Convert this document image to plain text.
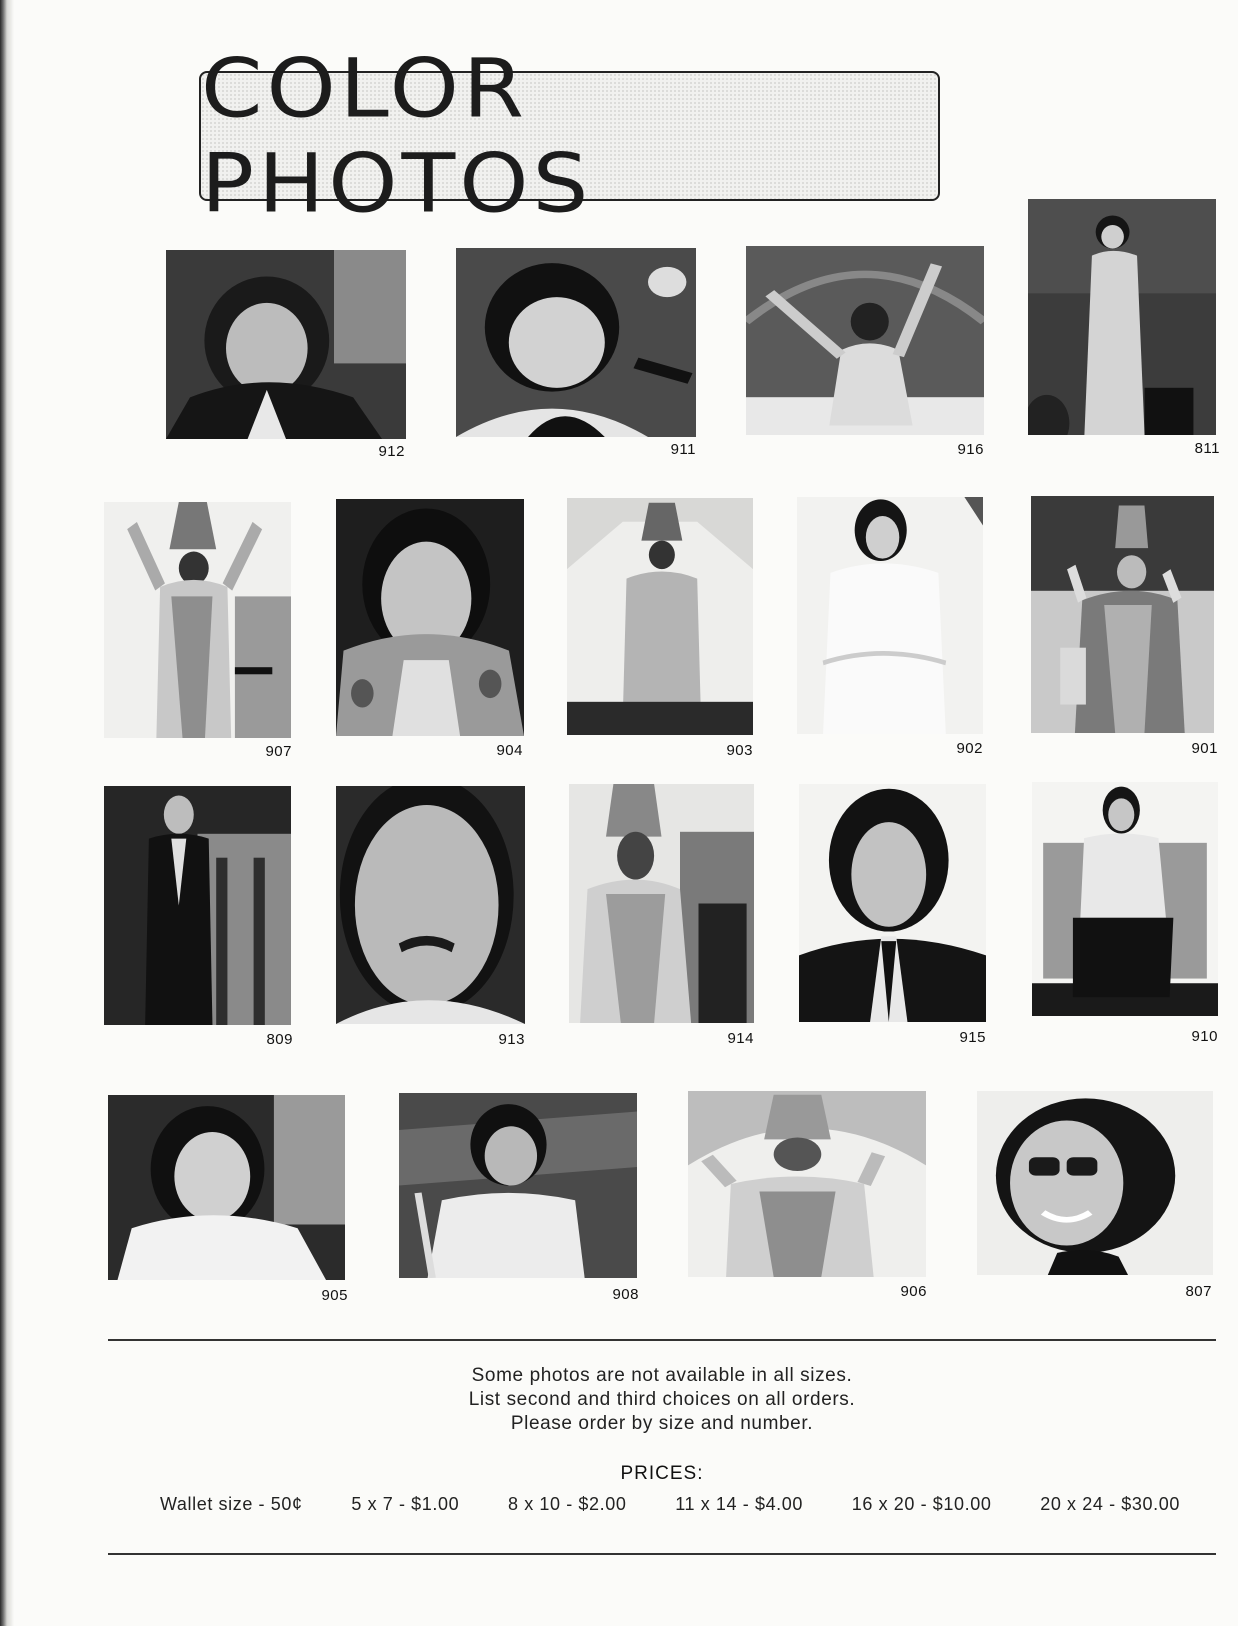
COLOR PHOTOS
912	911	916	811
907	904	903	902	901
809	913	914	915	910
905	908	906	807
Some photos are not available in all sizes.
List second and third choices on all orders.
Please order by size and number.
PRICES:
Wallet size - 50¢	5 x 7 - $1.00	8 x 10 - $2.00	11 x 14 - $4.00	16 x 20 - $10.00	20 x 24 - $30.00
